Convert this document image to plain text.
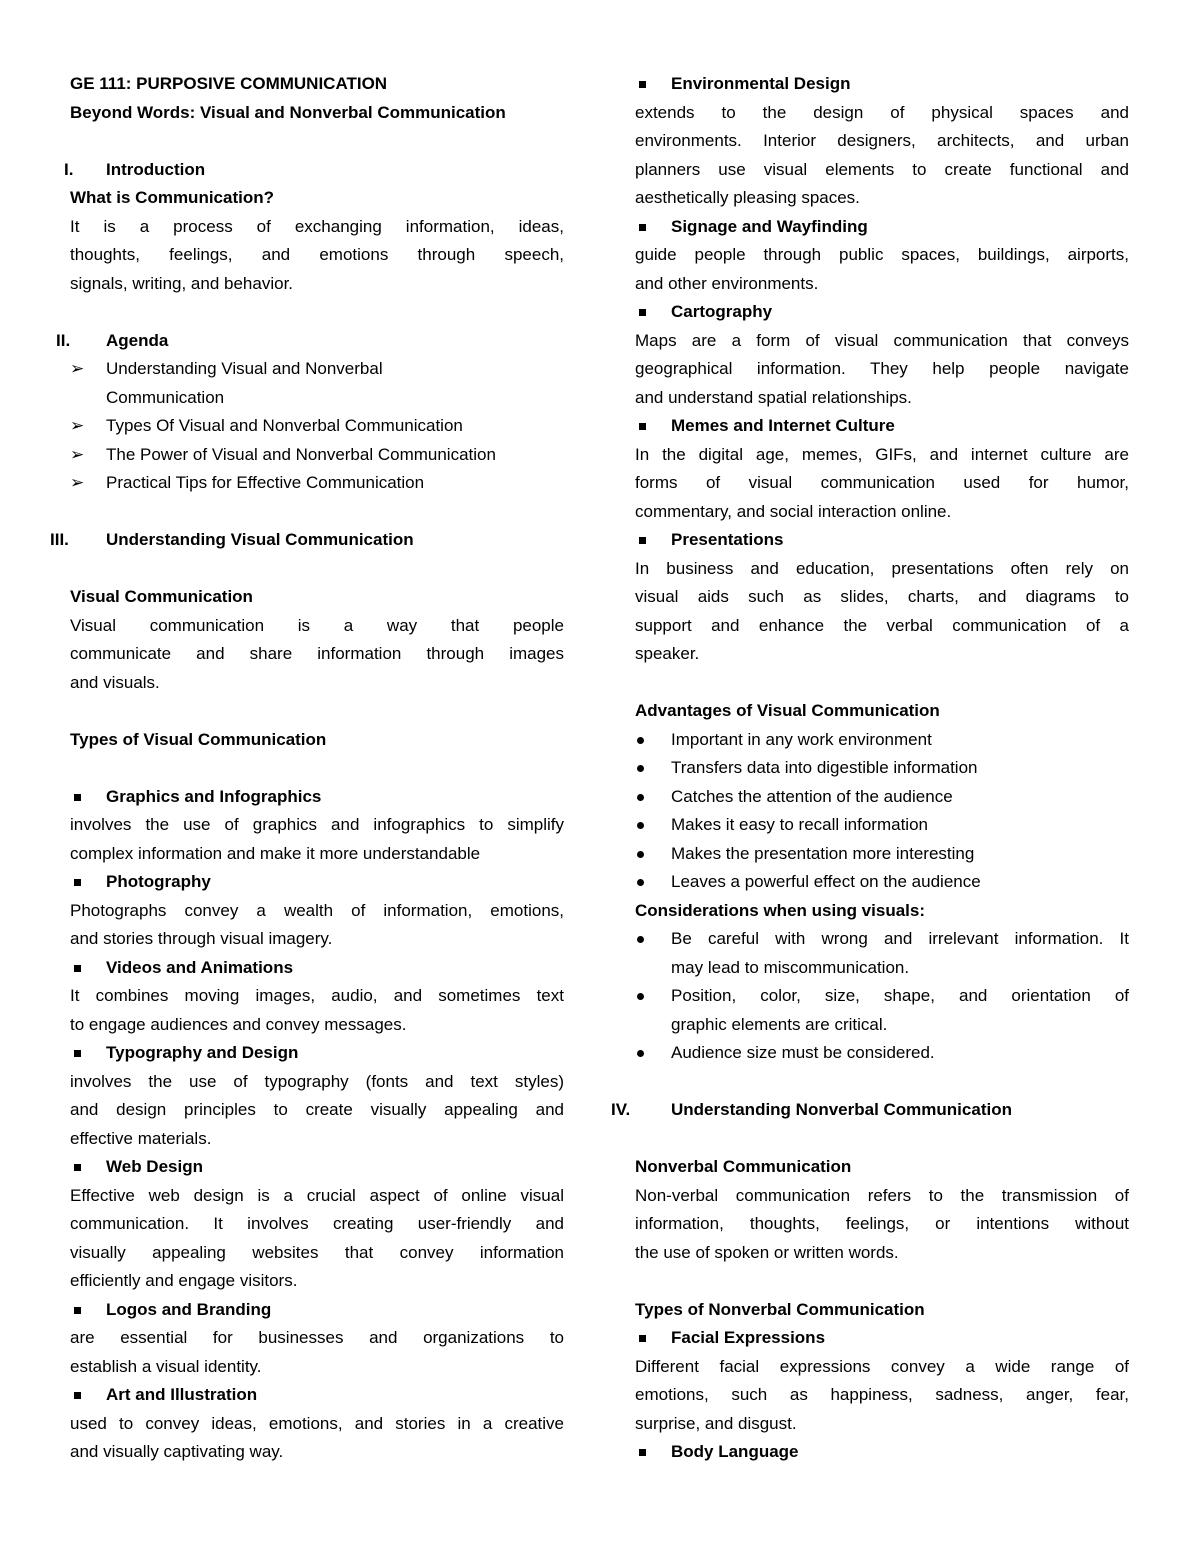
GE 111: PURPOSIVE COMMUNICATION

Beyond Words: Visual and Nonverbal Communication

I. Introduction

What is Communication?

It is a process of exchanging information, ideas,
thoughts, feelings, and emotions through speech,

signals, writing, and behavior.

II. Agenda

➢ Understanding Visual and Nonverbal

Communication

➢ Types Of Visual and Nonverbal Communication

➢ The Power of Visual and Nonverbal Communication

➢ Practical Tips for Effective Communication

III. Understanding Visual Communication

Visual Communication

Visual communication is a way that people
communicate and share information through images

and visuals.

Types of Visual Communication

Graphics and Infographics

involves the use of graphics and infographics to simplify

complex information and make it more understandable

Photography

Photographs convey a wealth of information, emotions,

and stories through visual imagery.

Videos and Animations

It combines moving images, audio, and sometimes text

to engage audiences and convey messages.

Typography and Design

involves the use of typography (fonts and text styles)
and design principles to create visually appealing and

effective materials.

Web Design

Effective web design is a crucial aspect of online visual
communication. It involves creating user-friendly and
visually appealing websites that convey information

efficiently and engage visitors.

Logos and Branding

are essential for businesses and organizations to

establish a visual identity.

Art and Illustration

used to convey ideas, emotions, and stories in a creative

and visually captivating way.

Environmental Design

extends to the design of physical spaces and
environments. Interior designers, architects, and urban
planners use visual elements to create functional and

aesthetically pleasing spaces.

Signage and Wayfinding

guide people through public spaces, buildings, airports,

and other environments.

Cartography

Maps are a form of visual communication that conveys
geographical information. They help people navigate

and understand spatial relationships.

Memes and Internet Culture

In the digital age, memes, GIFs, and internet culture are
forms of visual communication used for humor,

commentary, and social interaction online.

Presentations

In business and education, presentations often rely on
visual aids such as slides, charts, and diagrams to
support and enhance the verbal communication of a

speaker.

Advantages of Visual Communication

Important in any work environment

Transfers data into digestible information

Catches the attention of the audience

Makes it easy to recall information

Makes the presentation more interesting

Leaves a powerful effect on the audience

Considerations when using visuals:

Be careful with wrong and irrelevant information. It

may lead to miscommunication.

Position, color, size, shape, and orientation of

graphic elements are critical.

Audience size must be considered.

IV. Understanding Nonverbal Communication

Nonverbal Communication

Non-verbal communication refers to the transmission of
information, thoughts, feelings, or intentions without

the use of spoken or written words.

Types of Nonverbal Communication

Facial Expressions

Different facial expressions convey a wide range of
emotions, such as happiness, sadness, anger, fear,

surprise, and disgust.

Body Language
